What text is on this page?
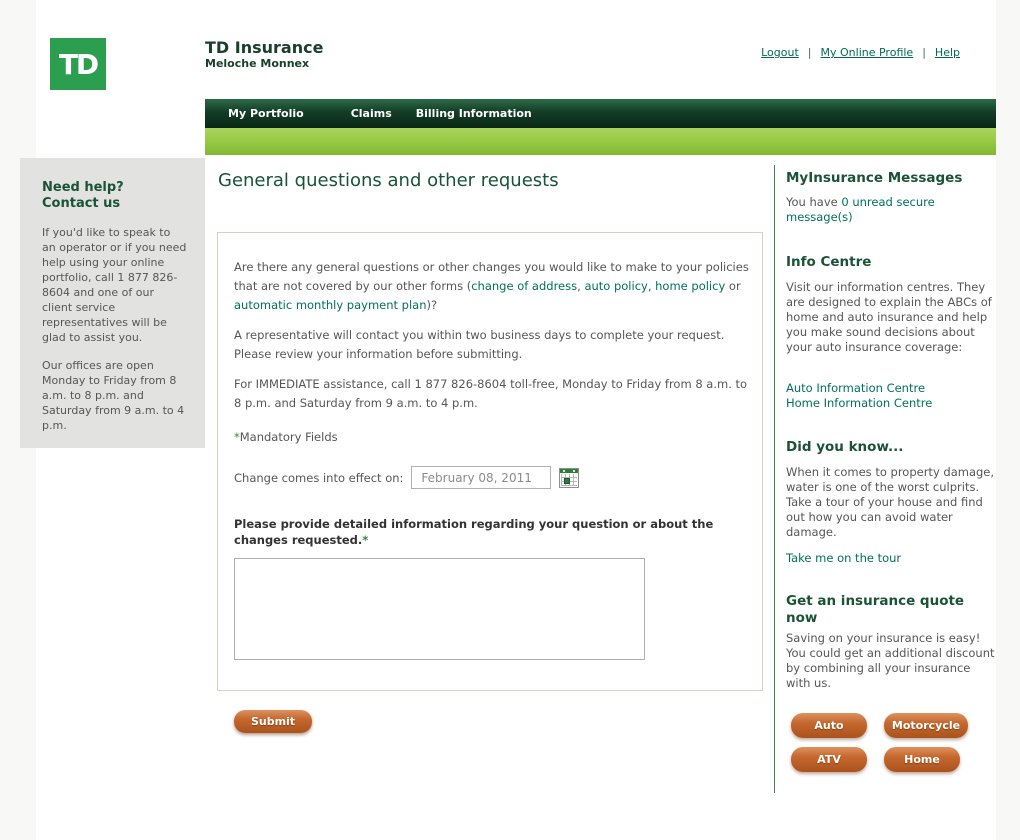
TD	TD Insurance
Meloche Monnex
Logout | My Online Profile | Help
My Portfolio	Claims Billing Information
Need help?
Contact us

If you'd like to speak to an operator or if you need help using your online portfolio, call 1 877 826-8604 and one of our client service representatives will be glad to assist you.

Our offices are open Monday to Friday from 8 a.m. to 8 p.m. and Saturday from 9 a.m. to 4 p.m.

General questions and other requests

Are there any general questions or other changes you would like to make to your policies that are not covered by our other forms (change of address, auto policy, home policy or automatic monthly payment plan)?

A representative will contact you within two business days to complete your request. Please review your information before submitting.

For IMMEDIATE assistance, call 1 877 826-8604 toll-free, Monday to Friday from 8 a.m. to 8 p.m. and Saturday from 9 a.m. to 4 p.m.

*Mandatory Fields
Change comes into effect on:
February 08, 2011
Please provide detailed information regarding your question or about the changes requested.*
Submit
MyInsurance Messages
You have 0 unread secure message(s)
Info Centre
Visit our information centres. They are designed to explain the ABCs of home and auto insurance and help you make sound decisions about your auto insurance coverage:
Auto Information Centre
Home Information Centre
Did you know...
When it comes to property damage, water is one of the worst culprits. Take a tour of your house and find out how you can avoid water damage.
Take me on the tour
Get an insurance quote now
Saving on your insurance is easy! You could get an additional discount by combining all your insurance with us.
Auto	Motorcycle
ATV	Home
